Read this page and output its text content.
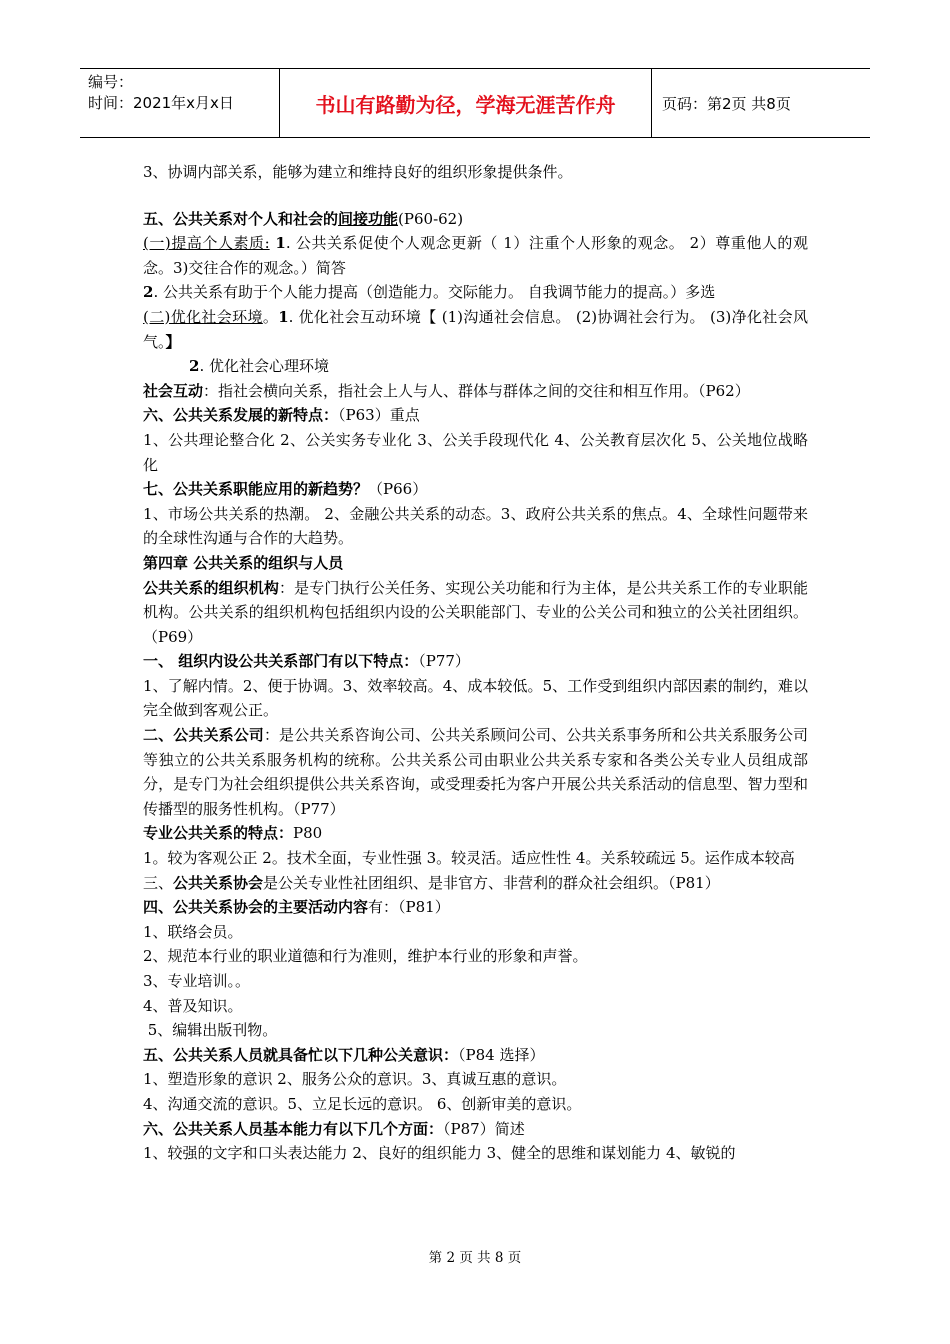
编号：
时间：2021年x月x日	书山有路勤为径，学海无涯苦作舟	页码：第2页 共8页

3、协调内部关系，能够为建立和维持良好的组织形象提供条件。

五、公共关系对个人和社会的间接功能(P60-62)

(一)提高个人素质: 1. 公共关系促使个人观念更新（ 1）注重个人形象的观念。 2）尊重他人的观念。3)交往合作的观念。）简答

2. 公共关系有助于个人能力提高（创造能力。交际能力。 自我调节能力的提高。）多选

(二)优化社会环境。1. 优化社会互动环境【 (1)沟通社会信息。 (2)协调社会行为。 (3)净化社会风气。】

2. 优化社会心理环境

社会互动：指社会横向关系，指社会上人与人、群体与群体之间的交往和相互作用。（P62）

六、公共关系发展的新特点：（P63）重点

1、公共理论整合化 2、公关实务专业化 3、公关手段现代化 4、公关教育层次化 5、公关地位战略化

七、公共关系职能应用的新趋势？（P66）

1、市场公共关系的热潮。 2、金融公共关系的动态。3、政府公共关系的焦点。4、全球性问题带来的全球性沟通与合作的大趋势。

第四章 公共关系的组织与人员

公共关系的组织机构：是专门执行公关任务、实现公关功能和行为主体，是公共关系工作的专业职能机构。公共关系的组织机构包括组织内设的公关职能部门、专业的公关公司和独立的公关社团组织。（P69）

一、 组织内设公共关系部门有以下特点：（P77）

1、了解内情。2、便于协调。3、效率较高。4、成本较低。5、工作受到组织内部因素的制约，难以完全做到客观公正。

二、公共关系公司：是公共关系咨询公司、公共关系顾问公司、公共关系事务所和公共关系服务公司等独立的公共关系服务机构的统称。公共关系公司由职业公共关系专家和各类公关专业人员组成部分，是专门为社会组织提供公共关系咨询，或受理委托为客户开展公共关系活动的信息型、智力型和传播型的服务性机构。（P77）

专业公共关系的特点：P80

1。较为客观公正 2。技术全面，专业性强 3。较灵活。适应性性 4。关系较疏远 5。运作成本较高

三、公共关系协会是公关专业性社团组织、是非官方、非营利的群众社会组织。（P81）

四、公共关系协会的主要活动内容有：（P81）

1、联络会员。

2、规范本行业的职业道德和行为准则，维护本行业的形象和声誉。

3、专业培训。。

4、普及知识。

5、编辑出版刊物。

五、公共关系人员就具备忙以下几种公关意识：（P84 选择）

1、塑造形象的意识 2、服务公众的意识。3、真诚互惠的意识。

4、沟通交流的意识。5、立足长远的意识。 6、创新审美的意识。

六、公共关系人员基本能力有以下几个方面：（P87）简述

1、较强的文字和口头表达能力 2、良好的组织能力 3、健全的思维和谋划能力 4、敏锐的

第 2 页 共 8 页
